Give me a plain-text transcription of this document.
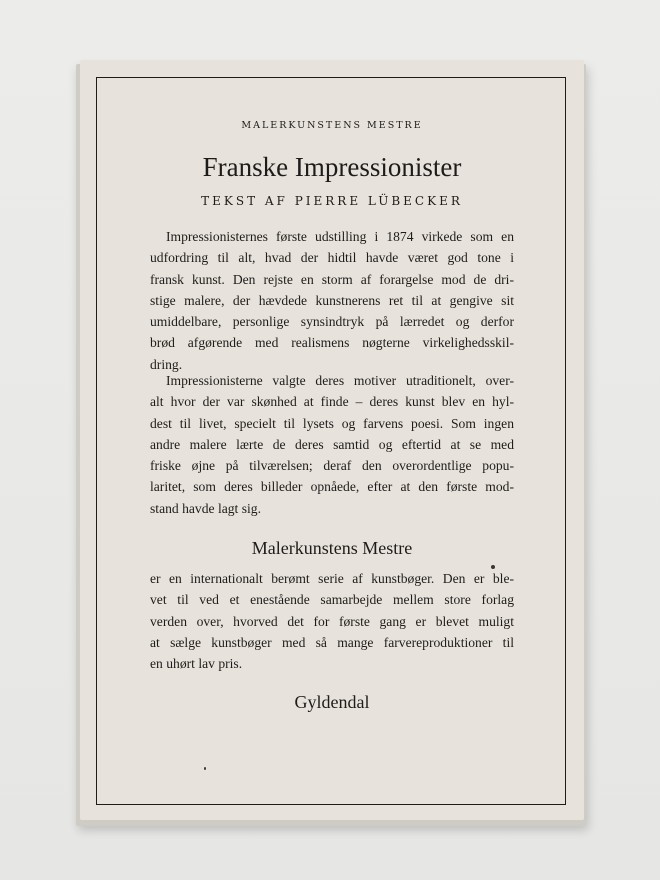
MALERKUNSTENS MESTRE
Franske Impressionister
TEKST AF PIERRE LÜBECKER
Impressionisternes første udstilling i 1874 virkede som en
udfordring til alt, hvad der hidtil havde været god tone i
fransk kunst. Den rejste en storm af forargelse mod de dri-
stige malere, der hævdede kunstnerens ret til at gengive sit
umiddelbare, personlige synsindtryk på lærredet og derfor
brød afgørende med realismens nøgterne virkelighedsskil-
dring.
Impressionisterne valgte deres motiver utraditionelt, over-
alt hvor der var skønhed at finde – deres kunst blev en hyl-
dest til livet, specielt til lysets og farvens poesi. Som ingen
andre malere lærte de deres samtid og eftertid at se med
friske øjne på tilværelsen; deraf den overordentlige popu-
laritet, som deres billeder opnåede, efter at den første mod-
stand havde lagt sig.
Malerkunstens Mestre
er en internationalt berømt serie af kunstbøger. Den er ble-
vet til ved et enestående samarbejde mellem store forlag
verden over, hvorved det for første gang er blevet muligt
at sælge kunstbøger med så mange farvereproduktioner til
en uhørt lav pris.
Gyldendal
